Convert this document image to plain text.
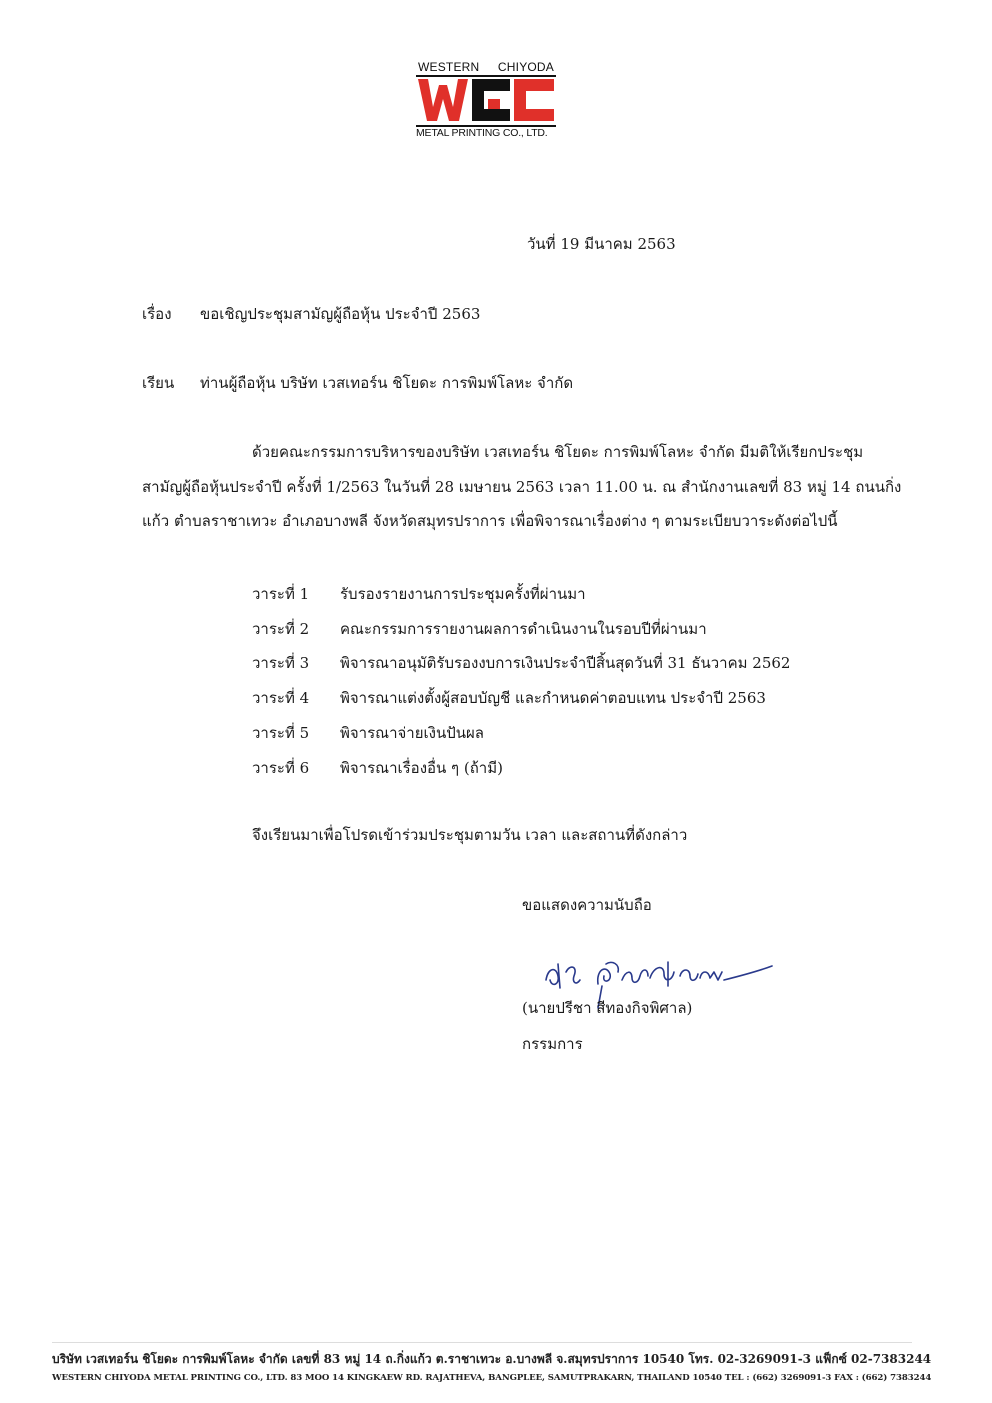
WESTERN CHIYODA
METAL PRINTING CO., LTD.
วันที่ 19 มีนาคม 2563
เรื่อง ขอเชิญประชุมสามัญผู้ถือหุ้น ประจำปี 2563
เรียน ท่านผู้ถือหุ้น บริษัท เวสเทอร์น ชิโยดะ การพิมพ์โลหะ จำกัด
ด้วยคณะกรรมการบริหารของบริษัท เวสเทอร์น ชิโยดะ การพิมพ์โลหะ จำกัด มีมติให้เรียกประชุม
สามัญผู้ถือหุ้นประจำปี ครั้งที่ 1/2563 ในวันที่ 28 เมษายน 2563 เวลา 11.00 น. ณ สำนักงานเลขที่ 83 หมู่ 14 ถนนกิ่ง
แก้ว ตำบลราชาเทวะ อำเภอบางพลี จังหวัดสมุทรปราการ เพื่อพิจารณาเรื่องต่าง ๆ ตามระเบียบวาระดังต่อไปนี้
วาระที่ 1 รับรองรายงานการประชุมครั้งที่ผ่านมา
วาระที่ 2 คณะกรรมการรายงานผลการดำเนินงานในรอบปีที่ผ่านมา
วาระที่ 3 พิจารณาอนุมัติรับรองงบการเงินประจำปีสิ้นสุดวันที่ 31 ธันวาคม 2562
วาระที่ 4 พิจารณาแต่งตั้งผู้สอบบัญชี และกำหนดค่าตอบแทน ประจำปี 2563
วาระที่ 5 พิจารณาจ่ายเงินปันผล
วาระที่ 6 พิจารณาเรื่องอื่น ๆ (ถ้ามี)
จึงเรียนมาเพื่อโปรดเข้าร่วมประชุมตามวัน เวลา และสถานที่ดังกล่าว
ขอแสดงความนับถือ
(นายปรีชา สีทองกิจพิศาล)
กรรมการ
บริษัท เวสเทอร์น ชิโยดะ การพิมพ์โลหะ จำกัด เลขที่ 83 หมู่ 14 ถ.กิ่งแก้ว ต.ราชาเทวะ อ.บางพลี จ.สมุทรปราการ 10540 โทร. 02-3269091-3 แฟ็กซ์ 02-7383244
WESTERN CHIYODA METAL PRINTING CO., LTD. 83 MOO 14 KINGKAEW RD. RAJATHEVA, BANGPLEE, SAMUTPRAKARN, THAILAND 10540 TEL : (662) 3269091-3 FAX : (662) 7383244
